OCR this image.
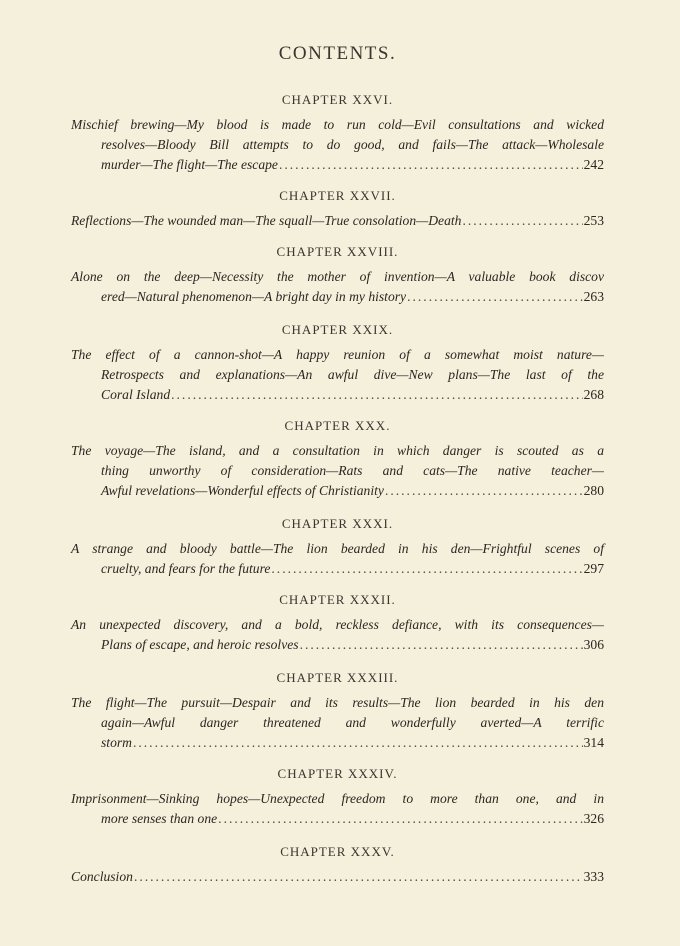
CONTENTS.
CHAPTER XXVI.
Mischief brewing—My blood is made to run cold—Evil consultations and wicked
resolves—Bloody Bill attempts to do good, and fails—The attack—Wholesale
murder—The flight—The escape .....	242
CHAPTER XXVII.
Reflections—The wounded man—The squall—True consolation—Death .....	253
CHAPTER XXVIII.
Alone on the deep—Necessity the mother of invention—A valuable book discov
ered—Natural phenomenon—A bright day in my history .....	263
CHAPTER XXIX.
The effect of a cannon-shot—A happy reunion of a somewhat moist nature—
Retrospects and explanations—An awful dive—New plans—The last of the
Coral Island .....	268
CHAPTER XXX.
The voyage—The island, and a consultation in which danger is scouted as a
thing unworthy of consideration—Rats and cats—The native teacher—
Awful revelations—Wonderful effects of Christianity .....	280
CHAPTER XXXI.
A strange and bloody battle—The lion bearded in his den—Frightful scenes of
cruelty, and fears for the future .....	297
CHAPTER XXXII.
An unexpected discovery, and a bold, reckless defiance, with its consequences—
Plans of escape, and heroic resolves .....	306
CHAPTER XXXIII.
The flight—The pursuit—Despair and its results—The lion bearded in his den
again—Awful danger threatened and wonderfully averted—A terrific
storm .....	314
CHAPTER XXXIV.
Imprisonment—Sinking hopes—Unexpected freedom to more than one, and in
more senses than one .....	326
CHAPTER XXXV.
Conclusion .....	333
